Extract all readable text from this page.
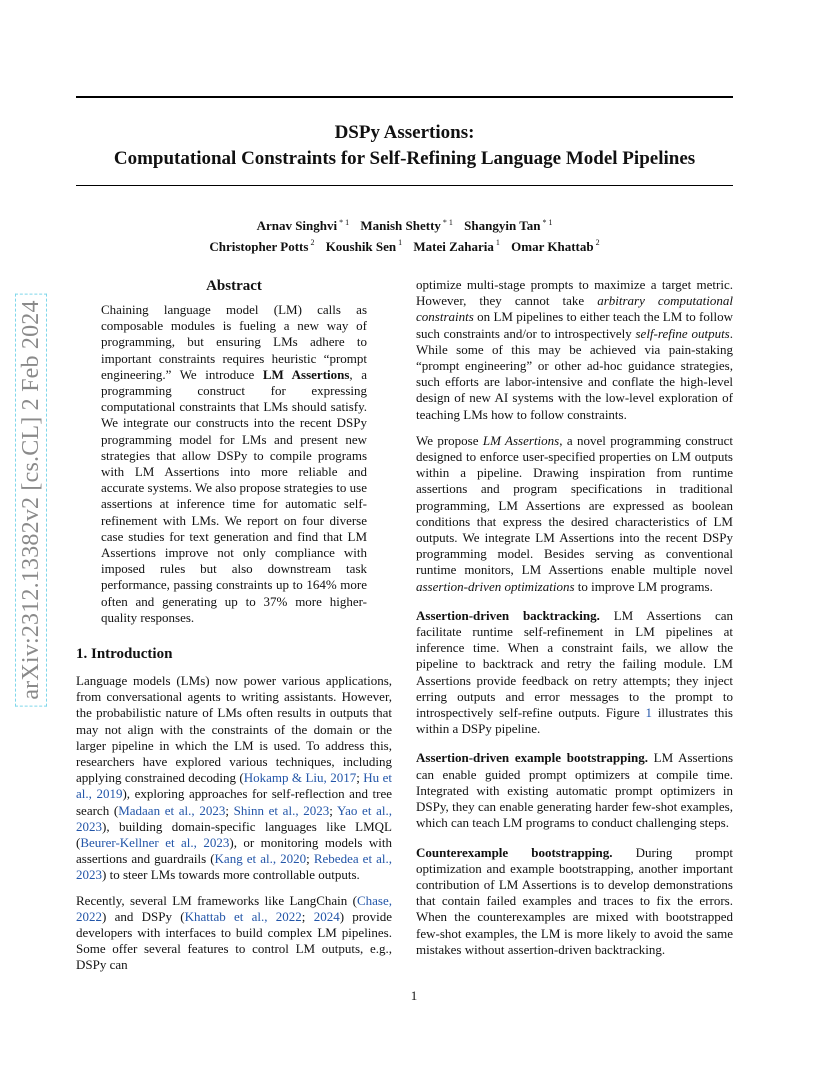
DSPy Assertions:
Computational Constraints for Self-Refining Language Model Pipelines
Arnav Singhvi $^{* 1}$ Manish Shetty $^{* 1}$ Shangyin Tan $^{* 1}$
Christopher Potts $^2$ Koushik Sen $^1$ Matei Zaharia $^1$ Omar Khattab $^2$
arXiv:2312.13382v2 [cs.CL] 2 Feb 2024
Abstract

Chaining language model (LM) calls as composable modules is fueling a new way of programming, but ensuring LMs adhere to important constraints requires heuristic “prompt engineering.” We introduce LM Assertions, a programming construct for expressing computational constraints that LMs should satisfy. We integrate our constructs into the recent DSPy programming model for LMs and present new strategies that allow DSPy to compile programs with LM Assertions into more reliable and accurate systems. We also propose strategies to use assertions at inference time for automatic self-refinement with LMs. We report on four diverse case studies for text generation and find that LM Assertions improve not only compliance with imposed rules but also downstream task performance, passing constraints up to 164% more often and generating up to 37% more higher-quality responses.

1. Introduction

Language models (LMs) now power various applications, from conversational agents to writing assistants. However, the probabilistic nature of LMs often results in outputs that may not align with the constraints of the domain or the larger pipeline in which the LM is used. To address this, researchers have explored various techniques, including applying constrained decoding (Hokamp & Liu, 2017; Hu et al., 2019), exploring approaches for self-reflection and tree search (Madaan et al., 2023; Shinn et al., 2023; Yao et al., 2023), building domain-specific languages like LMQL (Beurer-Kellner et al., 2023), or monitoring models with assertions and guardrails (Kang et al., 2020; Rebedea et al., 2023) to steer LMs towards more controllable outputs.

Recently, several LM frameworks like LangChain (Chase, 2022) and DSPy (Khattab et al., 2022; 2024) provide developers with interfaces to build complex LM pipelines. Some offer several features to control LM outputs, e.g., DSPy can

optimize multi-stage prompts to maximize a target metric. However, they cannot take arbitrary computational constraints on LM pipelines to either teach the LM to follow such constraints and/or to introspectively self-refine outputs. While some of this may be achieved via pain-staking “prompt engineering” or other ad-hoc guidance strategies, such efforts are labor-intensive and conflate the high-level design of new AI systems with the low-level exploration of teaching LMs how to follow constraints.

We propose LM Assertions, a novel programming construct designed to enforce user-specified properties on LM outputs within a pipeline. Drawing inspiration from runtime assertions and program specifications in traditional programming, LM Assertions are expressed as boolean conditions that express the desired characteristics of LM outputs. We integrate LM Assertions into the recent DSPy programming model. Besides serving as conventional runtime monitors, LM Assertions enable multiple novel assertion-driven optimizations to improve LM programs.

Assertion-driven backtracking. LM Assertions can facilitate runtime self-refinement in LM pipelines at inference time. When a constraint fails, we allow the pipeline to backtrack and retry the failing module. LM Assertions provide feedback on retry attempts; they inject erring outputs and error messages to the prompt to introspectively self-refine outputs. Figure 1 illustrates this within a DSPy pipeline.

Assertion-driven example bootstrapping. LM Assertions can enable guided prompt optimizers at compile time. Integrated with existing automatic prompt optimizers in DSPy, they can enable generating harder few-shot examples, which can teach LM programs to conduct challenging steps.

Counterexample bootstrapping. During prompt optimization and example bootstrapping, another important contribution of LM Assertions is to develop demonstrations that contain failed examples and traces to fix the errors. When the counterexamples are mixed with bootstrapped few-shot examples, the LM is more likely to avoid the same mistakes without assertion-driven backtracking.

1
